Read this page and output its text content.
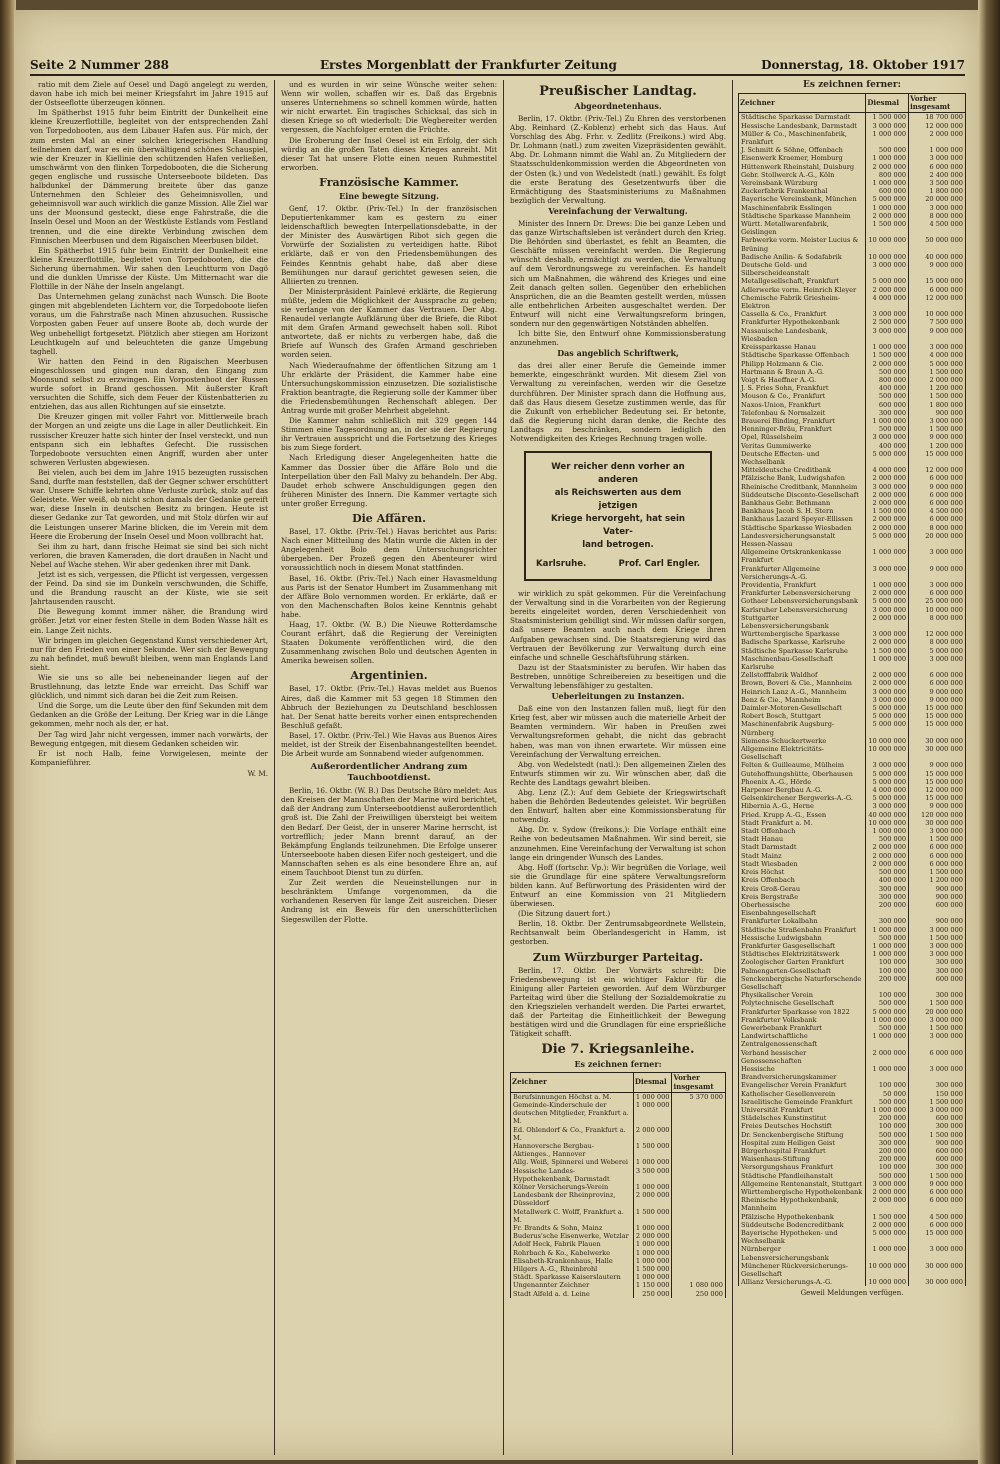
Seite 2 Nummer 288	Erstes Morgenblatt der Frankfurter Zeitung	Donnerstag, 18. Oktober 1917

ratio mit dem Ziele auf Oesel und Dagö angelegt zu werden, davon habe ich mich bei meiner Kriegsfahrt im Jahre 1915 auf der Ostseeflotte überzeugen können.

Im Spätherbst 1915 fuhr beim Eintritt der Dunkelheit eine kleine Kreuzerflottille, begleitet von der entsprechenden Zahl von Torpedobooten, aus dem Libauer Hafen aus. Für mich, der zum ersten Mal an einer solchen kriegerischen Handlung teilnehmen darf, war es ein überwältigend schönes Schauspiel, wie der Kreuzer in Kiellinie den schützenden Hafen verließen, umschwärmt von den flinken Torpedobooten, die die Sicherung gegen englische und russische Unterseeboote bildeten. Das halbdunkel der Dämmerung breitete über das ganze Unternehmen den Schleier des Geheimnisvollen, und geheimnisvoll war auch wirklich die ganze Mission. Alle Ziel war uns der Moonsund gesteckt, diese enge Fahrstraße, die die Inseln Oesel und Moon an der Westküste Estlands vom Festland trennen, und die eine direkte Verbindung zwischen dem Finnischen Meerbusen und dem Rigaischen Meerbusen bildet.

Ein Spätherbst 1915 fuhr beim Eintritt der Dunkelheit eine kleine Kreuzerflottille, begleitet von Torpedobooten, die die Sicherung übernahmen. Wir sahen den Leuchtturm von Dagö und die dunklen Umrisse der Küste. Um Mitternacht war die Flottille in der Nähe der Inseln angelangt.

Das Unternehmen gelang zunächst nach Wunsch. Die Boote gingen mit abgeblendeten Lichtern vor, die Torpedoboote liefen voraus, um die Fahrstraße nach Minen abzusuchen. Russische Vorposten gaben Feuer auf unsere Boote ab, doch wurde der Weg unbehelligt fortgesetzt. Plötzlich aber stiegen am Horizont Leuchtkugeln auf und beleuchteten die ganze Umgebung taghell.

Wir hatten den Feind in den Rigaischen Meerbusen eingeschlossen und gingen nun daran, den Eingang zum Moonsund selbst zu erzwingen. Ein Vorpostenboot der Russen wurde sofort in Brand geschossen. Mit äußerster Kraft versuchten die Schiffe, sich dem Feuer der Küstenbatterien zu entziehen, das aus allen Richtungen auf sie einsetzte.

Die Kreuzer gingen mit voller Fahrt vor. Mittlerweile brach der Morgen an und zeigte uns die Lage in aller Deutlichkeit. Ein russischer Kreuzer hatte sich hinter der Insel versteckt, und nun entspann sich ein lebhaftes Gefecht. Die russischen Torpedoboote versuchten einen Angriff, wurden aber unter schweren Verlusten abgewiesen.

Bei vielen, auch bei dem im Jahre 1915 bezeugten russischen Sand, durfte man feststellen, daß der Gegner schwer erschüttert war. Unsere Schiffe kehrten ohne Verluste zurück, stolz auf das Geleistete. Wer weiß, ob nicht schon damals der Gedanke gereift war, diese Inseln in deutschen Besitz zu bringen. Heute ist dieser Gedanke zur Tat geworden, und mit Stolz dürfen wir auf die Leistungen unserer Marine blicken, die im Verein mit dem Heere die Eroberung der Inseln Oesel und Moon vollbracht hat.

Sei ihm zu hart, dann frische Heimat sie sind bei sich nicht verloren, die braven Kameraden, die dort draußen in Nacht und Nebel auf Wache stehen. Wir aber gedenken ihrer mit Dank.

Jetzt ist es sich, vergessen, die Pflicht ist vergessen, vergessen der Feind. Da sind sie im Dunkeln verschwunden, die Schiffe, und die Brandung rauscht an der Küste, wie sie seit Jahrtausenden rauscht.

Die Bewegung kommt immer näher, die Brandung wird größer. Jetzt vor einer festen Stelle in dem Boden Wasse hält es ein. Lange Zeit nichts.

Wir bringen im gleichen Gegenstand Kunst verschiedener Art, nur für den Frieden von einer Sekunde. Wer sich der Bewegung zu nah befindet, muß bewußt bleiben, wenn man Englands Land sieht.

Wie sie uns so alle bei nebeneinander liegen auf der Brustlehnung, das letzte Ende war erreicht. Das Schiff war glücklich, und nimmt sich daran bei die Zeit zum Reisen.

Und die Sorge, um die Leute über den fünf Sekunden mit dem Gedanken an die Größe der Leitung. Der Krieg war in die Länge gekommen, mehr noch als der, er hat.

Der Tag wird Jahr nicht vergessen, immer nach vorwärts, der Bewegung entgegen, mit diesem Gedanken scheiden wir.

Er ist noch Halb, feine Vorwigelesen, meinte der Kompanieführer.

W. M.

und es wurden in wir seine Wünsche weiter sehen: Wenn wir wollen, schaffen wir es. Daß das Ergebnis unseres Unternehmens so schnell kommen würde, hatten wir nicht erwartet. Ein tragisches Schicksal, das sich in diesen Kriege so oft wiederholt: Die Wegbereiter werden vergessen, die Nachfolger ernten die Früchte.

Die Eroberung der Insel Oesel ist ein Erfolg, der sich würdig an die großen Taten dieses Krieges anreiht. Mit dieser Tat hat unsere Flotte einen neuen Ruhmestitel erworben.

Französische Kammer.
Eine bewegte Sitzung.

Genf, 17. Oktbr. (Priv.-Tel.) In der französischen Deputiertenkammer kam es gestern zu einer leidenschaftlich bewegten Interpellationsdebatte, in der der Minister des Auswärtigen Ribot sich gegen die Vorwürfe der Sozialisten zu verteidigen hatte. Ribot erklärte, daß er von den Friedensbemühungen des Feindes Kenntnis gehabt habe, daß aber diese Bemühungen nur darauf gerichtet gewesen seien, die Alliierten zu trennen.

Der Ministerpräsident Painlevé erklärte, die Regierung müßte, jedem die Möglichkeit der Aussprache zu geben; sie verlange von der Kammer das Vertrauen. Der Abg. Renaudel verlangte Aufklärung über die Briefe, die Ribot mit dem Grafen Armand gewechselt haben soll. Ribot antwortete, daß er nichts zu verbergen habe, daß die Briefe auf Wunsch des Grafen Armand geschrieben worden seien.

Nach Wiederaufnahme der öffentlichen Sitzung am 1 Uhr erklärte der Präsident, die Kammer habe eine Untersuchungskommission einzusetzen. Die sozialistische Fraktion beantragte, die Regierung solle der Kammer über die Friedensbemühungen Rechenschaft ablegen. Der Antrag wurde mit großer Mehrheit abgelehnt.

Die Kammer nahm schließlich mit 329 gegen 144 Stimmen eine Tagesordnung an, in der sie der Regierung ihr Vertrauen ausspricht und die Fortsetzung des Krieges bis zum Siege fordert.

Nach Erledigung dieser Angelegenheiten hatte die Kammer das Dossier über die Affäre Bolo und die Interpellation über den Fall Malvy zu behandeln. Der Abg. Daudet erhob schwere Anschuldigungen gegen den früheren Minister des Innern. Die Kammer vertagte sich unter großer Erregung.

Die Affären.

Basel, 17. Oktbr. (Priv.-Tel.) Havas berichtet aus Paris: Nach einer Mitteilung des Matin wurde die Akten in der Angelegenheit Bolo dem Untersuchungsrichter übergeben. Der Prozeß gegen den Abenteurer wird voraussichtlich noch in diesem Monat stattfinden.

Basel, 16. Oktbr. (Priv.-Tel.) Nach einer Havasmeldung aus Paris ist der Senator Humbert im Zusammenhang mit der Affäre Bolo vernommen worden. Er erklärte, daß er von den Machenschaften Bolos keine Kenntnis gehabt habe.

Haag, 17. Oktbr. (W. B.) Die Nieuwe Rotterdamsche Courant erfährt, daß die Regierung der Vereinigten Staaten Dokumente veröffentlichen wird, die den Zusammenhang zwischen Bolo und deutschen Agenten in Amerika beweisen sollen.

Argentinien.

Basel, 17. Oktbr. (Priv.-Tel.) Havas meldet aus Buenos Aires, daß die Kammer mit 53 gegen 18 Stimmen den Abbruch der Beziehungen zu Deutschland beschlossen hat. Der Senat hatte bereits vorher einen entsprechenden Beschluß gefaßt.

Basel, 17. Oktbr. (Priv.-Tel.) Wie Havas aus Buenos Aires meldet, ist der Streik der Eisenbahnangestellten beendet. Die Arbeit wurde am Sonnabend wieder aufgenommen.

Außerordentlicher Andrang zum Tauchbootdienst.

Berlin, 16. Oktbr. (W. B.) Das Deutsche Büro meldet: Aus den Kreisen der Mannschaften der Marine wird berichtet, daß der Andrang zum Unterseebootdienst außerordentlich groß ist. Die Zahl der Freiwilligen übersteigt bei weitem den Bedarf. Der Geist, der in unserer Marine herrscht, ist vortrefflich; jeder Mann brennt darauf, an der Bekämpfung Englands teilzunehmen. Die Erfolge unserer Unterseeboote haben diesen Eifer noch gesteigert, und die Mannschaften sehen es als eine besondere Ehre an, auf einem Tauchboot Dienst tun zu dürfen.

Zur Zeit werden die Neueinstellungen nur in beschränktem Umfange vorgenommen, da die vorhandenen Reserven für lange Zeit ausreichen. Dieser Andrang ist ein Beweis für den unerschütterlichen Siegeswillen der Flotte.

Preußischer Landtag.
Abgeordnetenhaus.

Berlin, 17. Oktbr. (Priv.-Tel.) Zu Ehren des verstorbenen Abg. Reinhard (Z.-Koblenz) erhebt sich das Haus. Auf Vorschlag des Abg. Frhr. v. Zedlitz (Freikons.) wird Abg. Dr. Lohmann (natl.) zum zweiten Vizepräsidenten gewählt. Abg. Dr. Lohmann nimmt die Wahl an. Zu Mitgliedern der Staatsschuldenkommission werden die Abgeordneten von der Osten (k.) und von Wedelstedt (natl.) gewählt. Es folgt die erste Beratung des Gesetzentwurfs über die Ermächtigung des Staatsministeriums zu Maßnahmen bezüglich der Verwaltung.

Vereinfachung der Verwaltung.

Minister des Innern Dr. Drews: Die bei ganze Leben und das ganze Wirtschaftsleben ist verändert durch den Krieg. Die Behörden sind überlastet, es fehlt an Beamten, die Geschäfte müssen vereinfacht werden. Die Regierung wünscht deshalb, ermächtigt zu werden, die Verwaltung auf dem Verordnungswege zu vereinfachen. Es handelt sich um Maßnahmen, die während des Krieges und eine Zeit danach gelten sollen. Gegenüber den erheblichen Ansprüchen, die an die Beamten gestellt werden, müssen alle entbehrlichen Arbeiten ausgeschaltet werden. Der Entwurf will nicht eine Verwaltungsreform bringen, sondern nur den gegenwärtigen Notständen abhelfen.

Ich bitte Sie, den Entwurf ohne Kommissionsberatung anzunehmen.

Das angeblich Schriftwerk,

das drei aller einer Berufe die Gemeinde immer bemerkte, eingeschränkt wurden. Mit diesem Ziel von Verwaltung zu vereinfachen, werden wir die Gesetze durchführen. Der Minister sprach dann die Hoffnung aus, daß das Haus diesem Gesetze zustimmen werde, das für die Zukunft von erheblicher Bedeutung sei. Er betonte, daß die Regierung nicht daran denke, die Rechte des Landtags zu beschränken, sondern lediglich den Notwendigkeiten des Krieges Rechnung tragen wolle.

Wer reicher denn vorher an anderen
als Reichswerten aus dem jetzigen
Kriege hervorgeht, hat sein Vater-
land betrogen.
Karlsruhe.	Prof. Carl Engler.

wir wirklich zu spät gekommen. Für die Vereinfachung der Verwaltung sind in die Vorarbeiten von der Regierung bereits eingeleitet worden, deren Verschiedenheit von Staatsministerium gebilligt sind. Wir müssen dafür sorgen, daß unsere Beamten auch nach dem Kriege ihren Aufgaben gewachsen sind. Die Staatsregierung wird das Vertrauen der Bevölkerung zur Verwaltung durch eine einfache und schnelle Geschäftsführung stärken.

Dazu ist der Staatsminister zu berufen. Wir haben das Bestreben, unnötige Schreibereien zu beseitigen und die Verwaltung lebensfähiger zu gestalten.

Ueberleitungen zu Instanzen.

Daß eine von den Instanzen fallen muß, liegt für den Krieg fest, aber wir müssen auch die materielle Arbeit der Beamten vermindern. Wir haben in Preußen zwei Verwaltungsreformen gehabt, die nicht das gebracht haben, was man von ihnen erwartete. Wir müssen eine Vereinfachung der Verwaltung erreichen.

Abg. von Wedelstedt (natl.): Den allgemeinen Zielen des Entwurfs stimmen wir zu. Wir wünschen aber, daß die Rechte des Landtags gewahrt bleiben.

Abg. Lenz (Z.): Auf dem Gebiete der Kriegswirtschaft haben die Behörden Bedeutendes geleistet. Wir begrüßen den Entwurf, halten aber eine Kommissionsberatung für notwendig.

Abg. Dr. v. Sydow (freikons.): Die Vorlage enthält eine Reihe von bedeutsamen Maßnahmen. Wir sind bereit, sie anzunehmen. Eine Vereinfachung der Verwaltung ist schon lange ein dringender Wunsch des Landes.

Abg. Hoff (fortschr. Vp.): Wir begrüßen die Vorlage, weil sie die Grundlage für eine spätere Verwaltungsreform bilden kann. Auf Befürwortung des Präsidenten wird der Entwurf an eine Kommission von 21 Mitgliedern überwiesen.

(Die Sitzung dauert fort.)

Berlin, 18. Oktbr. Der Zentrumsabgeordnete Wellstein, Rechtsanwalt beim Oberlandesgericht in Hamm, ist gestorben.

Zum Würzburger Parteitag.

Berlin, 17. Oktbr. Der Vorwärts schreibt: Die Friedensbewegung ist ein wichtiger Faktor für die Einigung aller Parteien geworden. Auf dem Würzburger Parteitag wird über die Stellung der Sozialdemokratie zu den Kriegszielen verhandelt werden. Die Partei erwartet, daß der Parteitag die Einheitlichkeit der Bewegung bestätigen wird und die Grundlagen für eine ersprießliche Tätigkeit schafft.

Die 7. Kriegsanleihe.
Es zeichnen ferner:
Zeichner	Diesmal	Vorher insgesamt
Berufsinnungen Höchst a. M.	1 000 000	5 370 000
Gemeinde-Kinderschule der deutschen Mitglieder, Frankfurt a. M.	1 000 000	
Ed. Ohlendorf & Co., Frankfurt a. M.	2 000 000	
Hannoversche Bergbau-Aktienges., Hannover	1 500 000	
Allg. Weiß, Spinnerei und Weberei	1 000 000	
Hessische Landes-Hypothekenbank, Darmstadt	3 500 000	
Kölner Versicherungs-Verein	1 000 000	
Landesbank der Rheinprovinz, Düsseldorf	2 000 000	
Metallwerk C. Wolff, Frankfurt a. M.	1 500 000	
Fr. Brandts & Sohn, Mainz	1 000 000	
Buderus'sche Eisenwerke, Wetzlar	2 000 000	
Adolf Heck, Fabrik Plauen	1 000 000	
Rohrbach & Ko., Kabelwerke	1 000 000	
Elisabeth-Krankenhaus, Halle	1 000 000	
Hilgers A.-G., Rheinbrohl	1 500 000	
Städt. Sparkasse Kaiserslautern	1 000 000	
Ungenannter Zeichner	1 150 000	1 080 000
Stadt Alfeld a. d. Leine	250 000	250 000
Es zeichnen ferner:
Zeichner	Diesmal	Vorher insgesamt
Städtische Sparkasse Darmstadt	1 500 000	18 700 000
Hessische Landesbank, Darmstadt	3 000 000	12 000 000
Müller & Co., Maschinenfabrik, Frankfurt	1 000 000	2 000 000
J. Schmitt & Söhne, Offenbach	500 000	1 000 000
Eisenwerk Kraemer, Homburg	1 000 000	3 000 000
Hüttenwerk Rheinstahl, Duisburg	2 000 000	6 000 000
Gebr. Stollwerck A.-G., Köln	800 000	2 400 000
Vereinsbank Würzburg	1 000 000	3 500 000
Zuckerfabrik Frankenthal	600 000	1 800 000
Bayerische Vereinsbank, München	5 000 000	20 000 000
Maschinenfabrik Esslingen	1 000 000	3 000 000
Städtische Sparkasse Mannheim	2 000 000	8 000 000
Württ. Metallwarenfabrik, Geislingen	1 500 000	4 500 000
Farbwerke vorm. Meister Lucius & Brüning	10 000 000	50 000 000
Badische Anilin- & Sodafabrik	10 000 000	40 000 000
Deutsche Gold- und Silberscheideanstalt	3 000 000	9 000 000
Metallgesellschaft, Frankfurt	5 000 000	15 000 000
Adlerwerke vorm. Heinrich Kleyer	2 000 000	6 000 000
Chemische Fabrik Griesheim-Elektron	4 000 000	12 000 000
Cassella & Co., Frankfurt	3 000 000	10 000 000
Frankfurter Hypothekenbank	2 500 000	7 500 000
Nassauische Landesbank, Wiesbaden	3 000 000	9 000 000
Kreissparkasse Hanau	1 000 000	3 000 000
Städtische Sparkasse Offenbach	1 500 000	4 000 000
Philipp Holzmann & Cie.	2 000 000	5 000 000
Hartmann & Braun A.-G.	500 000	1 500 000
Voigt & Haeffner A.-G.	800 000	2 000 000
J. S. Fries Sohn, Frankfurt	400 000	1 200 000
Mouson & Co., Frankfurt	500 000	1 500 000
Naxos-Union, Frankfurt	600 000	1 800 000
Telefonbau & Normalzeit	300 000	900 000
Brauerei Binding, Frankfurt	1 000 000	3 000 000
Henninger-Bräu, Frankfurt	500 000	1 500 000
Opel, Rüsselsheim	3 000 000	9 000 000
Veritas Gummiwerke	400 000	1 200 000
Deutsche Effecten- und Wechselbank	5 000 000	15 000 000
Mitteldeutsche Creditbank	4 000 000	12 000 000
Pfälzische Bank, Ludwigshafen	2 000 000	6 000 000
Rheinische Creditbank, Mannheim	3 000 000	9 000 000
Süddeutsche Disconto-Gesellschaft	2 000 000	6 000 000
Bankhaus Gebr. Bethmann	2 000 000	6 000 000
Bankhaus Jacob S. H. Stern	1 500 000	4 500 000
Bankhaus Lazard Speyer-Ellissen	2 000 000	6 000 000
Städtische Sparkasse Wiesbaden	2 000 000	8 000 000
Landesversicherungsanstalt Hessen-Nassau	5 000 000	20 000 000
Allgemeine Ortskrankenkasse Frankfurt	1 000 000	3 000 000
Frankfurter Allgemeine Versicherungs-A.-G.	3 000 000	9 000 000
Providentia, Frankfurt	1 000 000	3 000 000
Frankfurter Lebensversicherung	2 000 000	6 000 000
Gothaer Lebensversicherungsbank	5 000 000	25 000 000
Karlsruher Lebensversicherung	3 000 000	10 000 000
Stuttgarter Lebensversicherungsbank	2 000 000	8 000 000
Württembergische Sparkasse	3 000 000	12 000 000
Badische Sparkasse, Karlsruhe	2 000 000	8 000 000
Städtische Sparkasse Karlsruhe	1 500 000	5 000 000
Maschinenbau-Gesellschaft Karlsruhe	1 000 000	3 000 000
Zellstofffabrik Waldhof	2 000 000	6 000 000
Brown, Boveri & Cie., Mannheim	2 000 000	6 000 000
Heinrich Lanz A.-G., Mannheim	3 000 000	9 000 000
Benz & Cie., Mannheim	3 000 000	9 000 000
Daimler-Motoren-Gesellschaft	5 000 000	15 000 000
Robert Bosch, Stuttgart	5 000 000	15 000 000
Maschinenfabrik Augsburg-Nürnberg	5 000 000	15 000 000
Siemens-Schuckertwerke	10 000 000	30 000 000
Allgemeine Elektricitäts-Gesellschaft	10 000 000	30 000 000
Felten & Guilleaume, Mülheim	3 000 000	9 000 000
Gutehoffnungshütte, Oberhausen	5 000 000	15 000 000
Phoenix A.-G., Hörde	5 000 000	15 000 000
Harpener Bergbau A.-G.	4 000 000	12 000 000
Gelsenkirchener Bergwerks-A.-G.	5 000 000	15 000 000
Hibernia A.-G., Herne	3 000 000	9 000 000
Fried. Krupp A.-G., Essen	40 000 000	120 000 000
Stadt Frankfurt a. M.	10 000 000	30 000 000
Stadt Offenbach	1 000 000	3 000 000
Stadt Hanau	500 000	1 500 000
Stadt Darmstadt	2 000 000	6 000 000
Stadt Mainz	2 000 000	6 000 000
Stadt Wiesbaden	2 000 000	6 000 000
Kreis Höchst	500 000	1 500 000
Kreis Offenbach	400 000	1 200 000
Kreis Groß-Gerau	300 000	900 000
Kreis Bergstraße	300 000	900 000
Oberhessische Eisenbahngesellschaft	200 000	600 000
Frankfurter Lokalbahn	300 000	900 000
Städtische Straßenbahn Frankfurt	1 000 000	3 000 000
Hessische Ludwigsbahn	500 000	1 500 000
Frankfurter Gasgesellschaft	1 000 000	3 000 000
Städtisches Elektrizitätswerk	1 000 000	3 000 000
Zoologischer Garten Frankfurt	100 000	300 000
Palmengarten-Gesellschaft	100 000	300 000
Senckenbergische Naturforschende Gesellschaft	200 000	600 000
Physikalischer Verein	100 000	300 000
Polytechnische Gesellschaft	500 000	1 500 000
Frankfurter Sparkasse von 1822	5 000 000	20 000 000
Frankfurter Volksbank	1 000 000	3 000 000
Gewerbebank Frankfurt	500 000	1 500 000
Landwirtschaftliche Zentralgenossenschaft	1 000 000	3 000 000
Verband hessischer Genossenschaften	2 000 000	6 000 000
Hessische Brandversicherungskammer	1 000 000	3 000 000
Evangelischer Verein Frankfurt	100 000	300 000
Katholischer Gesellenverein	50 000	150 000
Israelitische Gemeinde Frankfurt	500 000	1 500 000
Universität Frankfurt	1 000 000	3 000 000
Städelsches Kunstinstitut	200 000	600 000
Freies Deutsches Hochstift	100 000	300 000
Dr. Senckenbergische Stiftung	500 000	1 500 000
Hospital zum Heiligen Geist	300 000	900 000
Bürgerhospital Frankfurt	200 000	600 000
Waisenhaus-Stiftung	200 000	600 000
Versorgungshaus Frankfurt	100 000	300 000
Städtische Pfandleihanstalt	500 000	1 500 000
Allgemeine Rentenanstalt, Stuttgart	3 000 000	9 000 000
Württembergische Hypothekenbank	2 000 000	6 000 000
Rheinische Hypothekenbank, Mannheim	2 000 000	6 000 000
Pfälzische Hypothekenbank	1 500 000	4 500 000
Süddeutsche Bodencreditbank	2 000 000	6 000 000
Bayerische Hypotheken- und Wechselbank	5 000 000	15 000 000
Nürnberger Lebensversicherungsbank	1 000 000	3 000 000
Münchener Rückversicherungs-Gesellschaft	10 000 000	30 000 000
Allianz Versicherungs-A.-G.	10 000 000	30 000 000
Geweil Meldungen verfügen.
